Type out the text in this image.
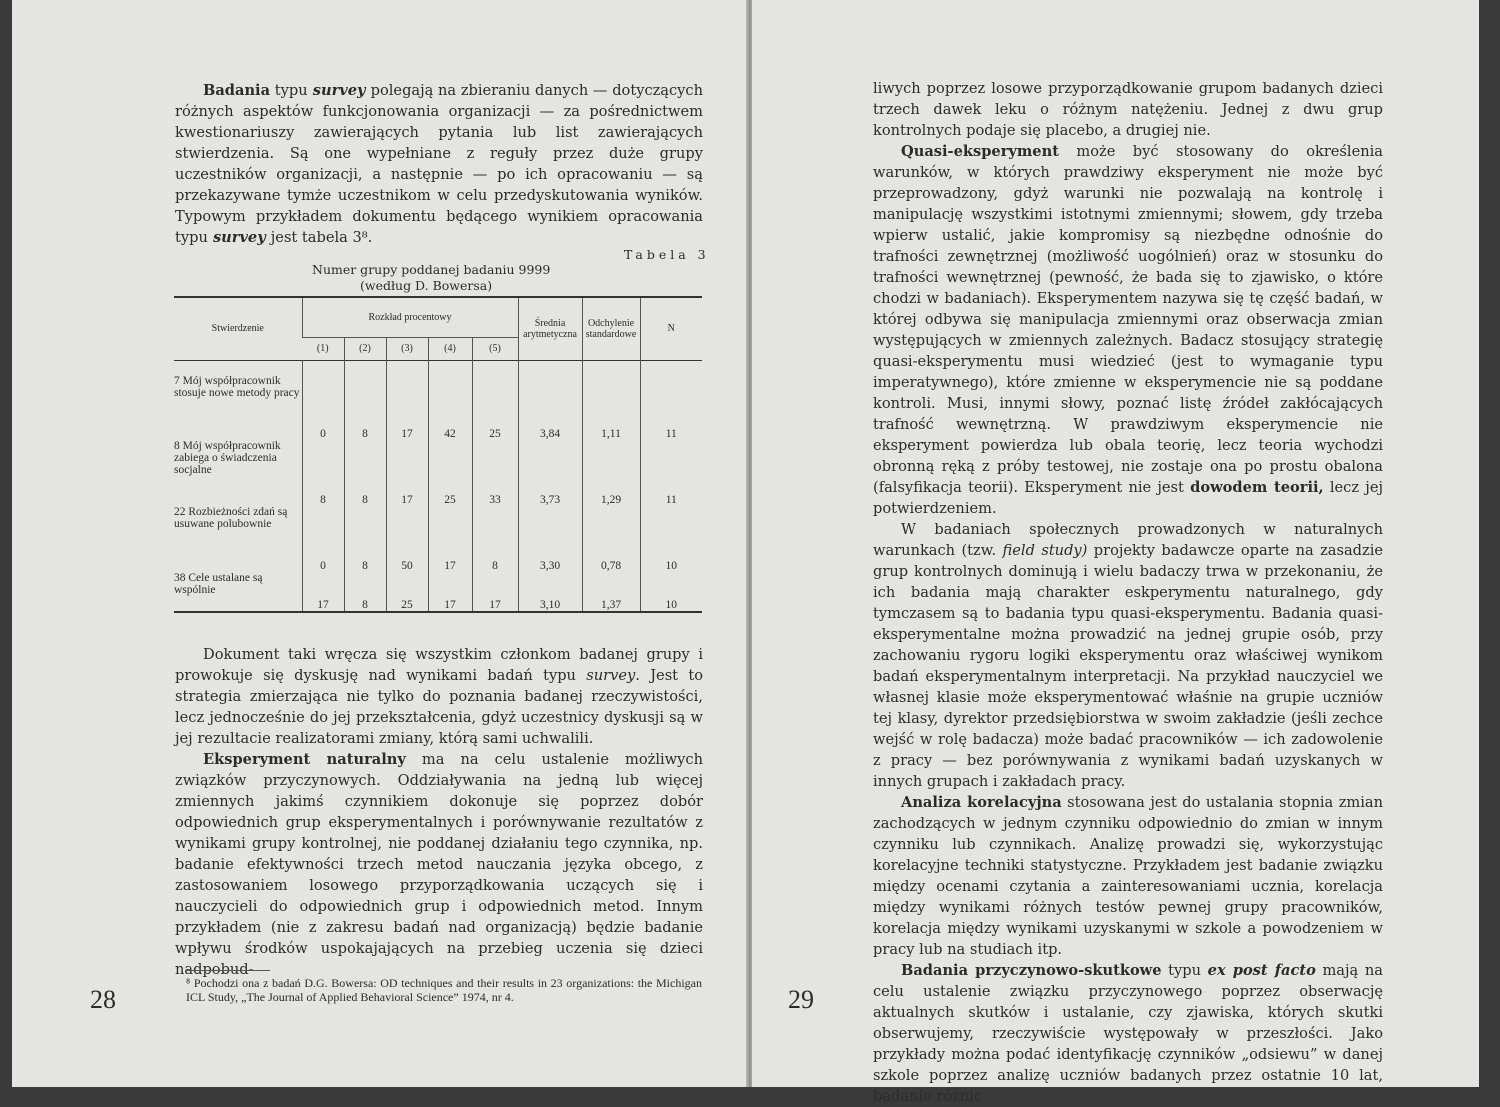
Badania typu survey polegają na zbieraniu danych — dotyczących różnych aspektów funkcjonowania organizacji — za pośrednictwem kwestionariuszy zawierających pytania lub list zawierających stwierdzenia. Są one wypełniane z reguły przez duże grupy uczestników organizacji, a następnie — po ich opracowaniu — są przekazywane tymże uczestnikom w celu przedyskutowania wyników. Typowym przykładem dokumentu będącego wynikiem opracowania typu survey jest tabela 3⁸.

Tabela 3
Numer grupy poddanej badaniu 9999
(według D. Bowersa)
Stwierdzenie	Rozkład procentowy					Średnia arytmetyczna	Odchylenie standardowe	N
	(1)	(2)	(3)	(4)	(5)			
7 Mój współpracownik stosuje nowe metody pracy	0	8	17	42	25	3,84	1,11	11
8 Mój współpracownik zabiega o świadczenia socjalne	8	8	17	25	33	3,73	1,29	11
22 Rozbieżności zdań są usuwane polubownie	0	8	50	17	8	3,30	0,78	10
38 Cele ustalane są wspólnie	17	8	25	17	17	3,10	1,37	10

Dokument taki wręcza się wszystkim członkom badanej grupy i prowokuje się dyskusję nad wynikami badań typu survey. Jest to strategia zmierzająca nie tylko do poznania badanej rzeczywistości, lecz jednocześnie do jej przekształcenia, gdyż uczestnicy dyskusji są w jej rezultacie realizatorami zmiany, którą sami uchwalili.

Eksperyment naturalny ma na celu ustalenie możliwych związków przyczynowych. Oddziaływania na jedną lub więcej zmiennych jakimś czynnikiem dokonuje się poprzez dobór odpowiednich grup eksperymentalnych i porównywanie rezultatów z wynikami grupy kontrolnej, nie poddanej działaniu tego czynnika, np. badanie efektywności trzech metod nauczania języka obcego, z zastosowaniem losowego przyporządkowania uczących się i nauczycieli do odpowiednich grup i odpowiednich metod. Innym przykładem (nie z zakresu badań nad organizacją) będzie badanie wpływu środków uspokajających na przebieg uczenia się dzieci nadpobud-

⁸ Pochodzi ona z badań D.G. Bowersa: OD techniques and their results in 23 organizations: the Michigan ICL Study, „The Journal of Applied Behavioral Science” 1974, nr 4.
28

liwych poprzez losowe przyporządkowanie grupom badanych dzieci trzech dawek leku o różnym natężeniu. Jednej z dwu grup kontrolnych podaje się placebo, a drugiej nie.

Quasi-eksperyment może być stosowany do określenia warunków, w których prawdziwy eksperyment nie może być przeprowadzony, gdyż warunki nie pozwalają na kontrolę i manipulację wszystkimi istotnymi zmiennymi; słowem, gdy trzeba wpierw ustalić, jakie kompromisy są niezbędne odnośnie do trafności zewnętrznej (możliwość uogólnień) oraz w stosunku do trafności wewnętrznej (pewność, że bada się to zjawisko, o które chodzi w badaniach). Eksperymentem nazywa się tę część badań, w której odbywa się manipulacja zmiennymi oraz obserwacja zmian występujących w zmiennych zależnych. Badacz stosujący strategię quasi-eksperymentu musi wiedzieć (jest to wymaganie typu imperatywnego), które zmienne w eksperymencie nie są poddane kontroli. Musi, innymi słowy, poznać listę źródeł zakłócających trafność wewnętrzną. W prawdziwym eksperymencie nie eksperyment powierdza lub obala teorię, lecz teoria wychodzi obronną ręką z próby testowej, nie zostaje ona po prostu obalona (falsyfikacja teorii). Eksperyment nie jest dowodem teorii, lecz jej potwierdzeniem.

W badaniach społecznych prowadzonych w naturalnych warunkach (tzw. field study) projekty badawcze oparte na zasadzie grup kontrolnych dominują i wielu badaczy trwa w przekonaniu, że ich badania mają charakter eskperymentu naturalnego, gdy tymczasem są to badania typu quasi-eksperymentu. Badania quasi-eksperymentalne można prowadzić na jednej grupie osób, przy zachowaniu rygoru logiki eksperymentu oraz właściwej wynikom badań eksperymentalnym interpretacji. Na przykład nauczyciel we własnej klasie może eksperymentować właśnie na grupie uczniów tej klasy, dyrektor przedsiębiorstwa w swoim zakładzie (jeśli zechce wejść w rolę badacza) może badać pracowników — ich zadowolenie z pracy — bez porównywania z wynikami badań uzyskanych w innych grupach i zakładach pracy.

Analiza korelacyjna stosowana jest do ustalania stopnia zmian zachodzących w jednym czynniku odpowiednio do zmian w innym czynniku lub czynnikach. Analizę prowadzi się, wykorzystując korelacyjne techniki statystyczne. Przykładem jest badanie związku między ocenami czytania a zainteresowaniami ucznia, korelacja między wynikami różnych testów pewnej grupy pracowników, korelacja między wynikami uzyskanymi w szkole a powodzeniem w pracy lub na studiach itp.

Badania przyczynowo-skutkowe typu ex post facto mają na celu ustalenie związku przyczynowego poprzez obserwację aktualnych skutków i ustalanie, czy zjawiska, których skutki obserwujemy, rzeczywiście występowały w przeszłości. Jako przykłady można podać identyfikację czynników „odsiewu” w danej szkole poprzez analizę uczniów badanych przez ostatnie 10 lat, badanie różnic

29
